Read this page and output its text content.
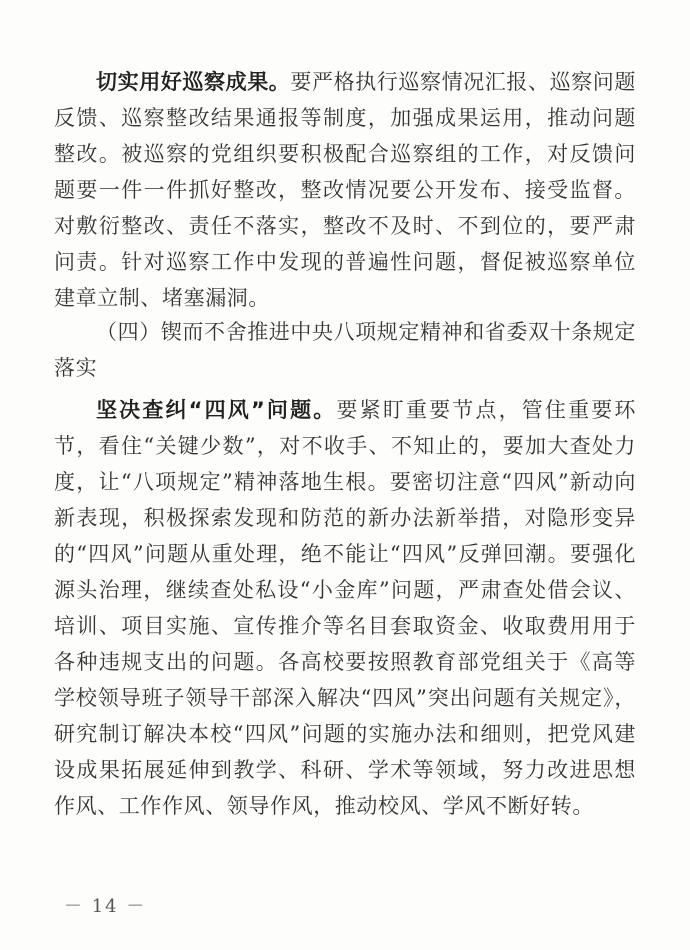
切实用好巡察成果。要严格执行巡察情况汇报、巡察问题反馈、巡察整改结果通报等制度，加强成果运用，推动问题整改。被巡察的党组织要积极配合巡察组的工作，对反馈问题要一件一件抓好整改，整改情况要公开发布、接受监督。对敷衍整改、责任不落实，整改不及时、不到位的，要严肃问责。针对巡察工作中发现的普遍性问题，督促被巡察单位建章立制、堵塞漏洞。

（四）锲而不舍推进中央八项规定精神和省委双十条规定落实

坚决查纠“四风”问题。要紧盯重要节点，管住重要环节，看住“关键少数”，对不收手、不知止的，要加大查处力度，让“八项规定”精神落地生根。要密切注意“四风”新动向新表现，积极探索发现和防范的新办法新举措，对隐形变异的“四风”问题从重处理，绝不能让“四风”反弹回潮。要强化源头治理，继续查处私设“小金库”问题，严肃查处借会议、培训、项目实施、宣传推介等名目套取资金、收取费用用于各种违规支出的问题。各高校要按照教育部党组关于《高等学校领导班子领导干部深入解决“四风”突出问题有关规定》，研究制订解决本校“四风”问题的实施办法和细则，把党风建设成果拓展延伸到教学、科研、学术等领域，努力改进思想作风、工作作风、领导作风，推动校风、学风不断好转。

－ 14 －
